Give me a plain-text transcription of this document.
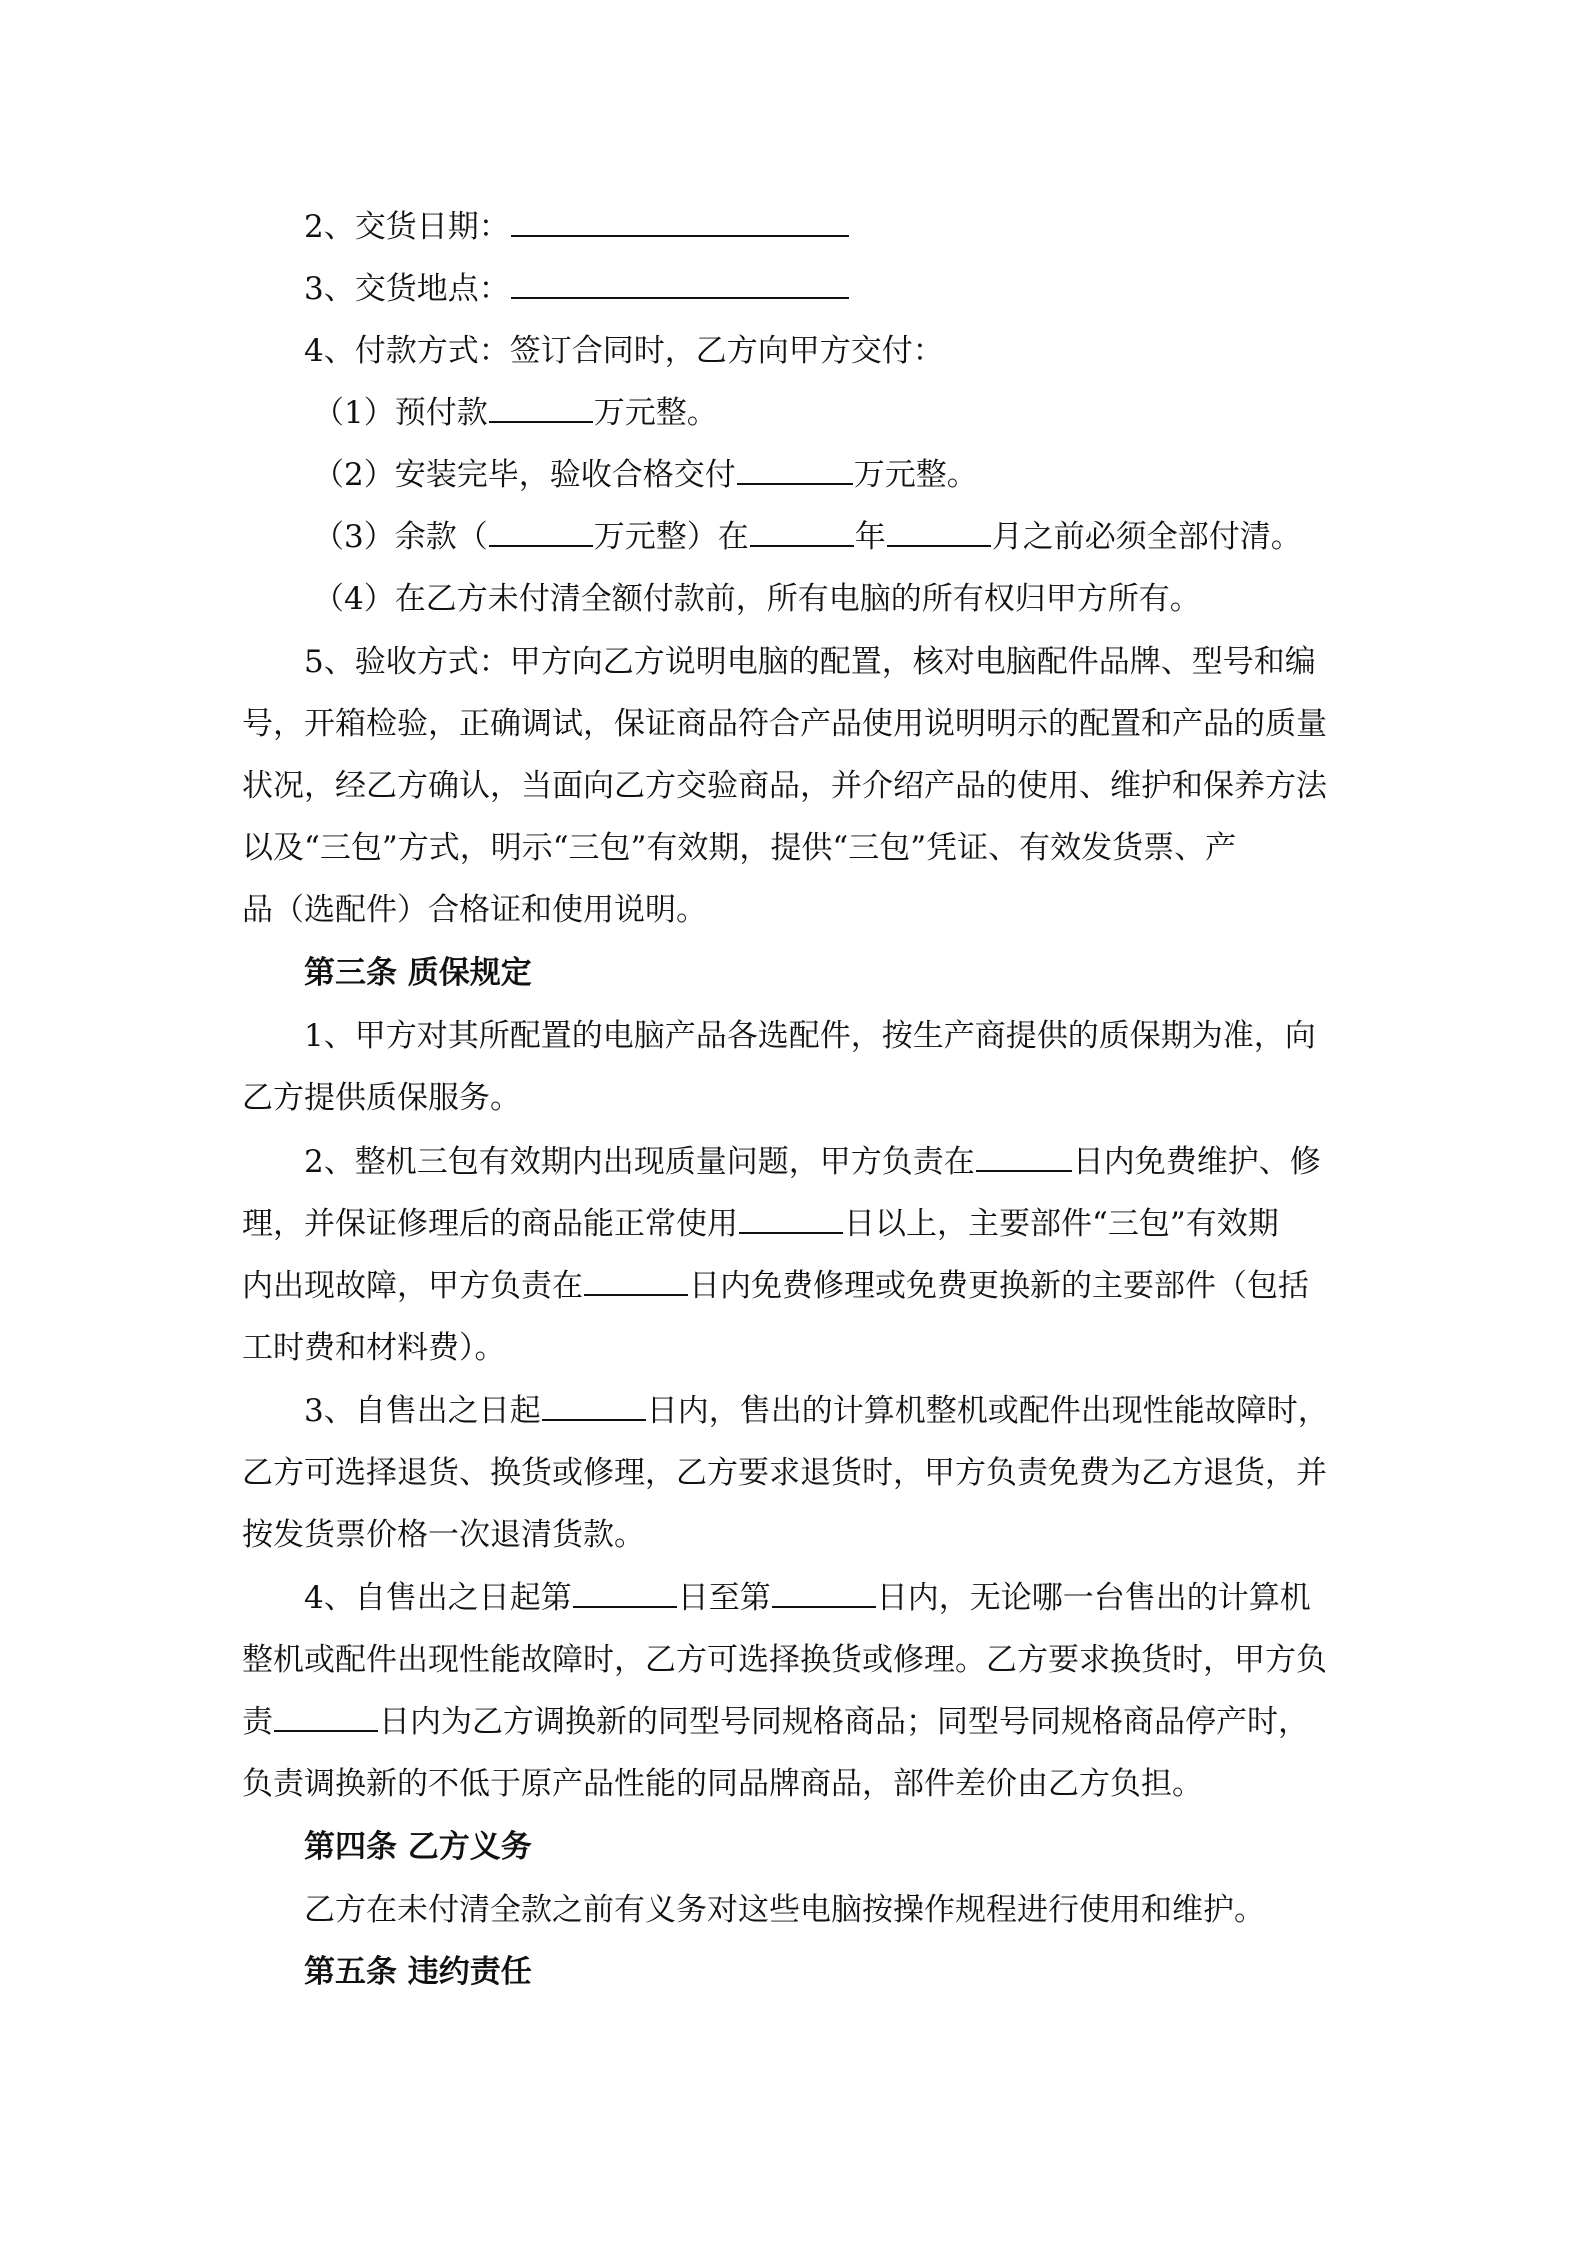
2、交货日期：
3、交货地点：
4、付款方式：签订合同时，乙方向甲方交付：
（1）预付款	万元整。
（2）安装完毕，验收合格交付	万元整。
（3）余款（	万元整）在	年	月之前必须全部付清。
（4）在乙方未付清全额付款前，所有电脑的所有权归甲方所有。
5、验收方式：甲方向乙方说明电脑的配置，核对电脑配件品牌、型号和编
号，开箱检验，正确调试，保证商品符合产品使用说明明示的配置和产品的质量
状况，经乙方确认，当面向乙方交验商品，并介绍产品的使用、维护和保养方法
以及“三包”方式，明示“三包”有效期，提供“三包”凭证、有效发货票、产
品（选配件）合格证和使用说明。
第三条 质保规定
1、甲方对其所配置的电脑产品各选配件，按生产商提供的质保期为准，向
乙方提供质保服务。
2、整机三包有效期内出现质量问题，甲方负责在	日内免费维护、修
理，并保证修理后的商品能正常使用	日以上，主要部件“三包”有效期
内出现故障，甲方负责在	日内免费修理或免费更换新的主要部件（包括
工时费和材料费）。
3、自售出之日起	日内，售出的计算机整机或配件出现性能故障时，
乙方可选择退货、换货或修理，乙方要求退货时，甲方负责免费为乙方退货，并
按发货票价格一次退清货款。
4、自售出之日起第	日至第	日内，无论哪一台售出的计算机
整机或配件出现性能故障时，乙方可选择换货或修理。乙方要求换货时，甲方负
责	日内为乙方调换新的同型号同规格商品；同型号同规格商品停产时，
负责调换新的不低于原产品性能的同品牌商品，部件差价由乙方负担。
第四条 乙方义务
乙方在未付清全款之前有义务对这些电脑按操作规程进行使用和维护。
第五条 违约责任
